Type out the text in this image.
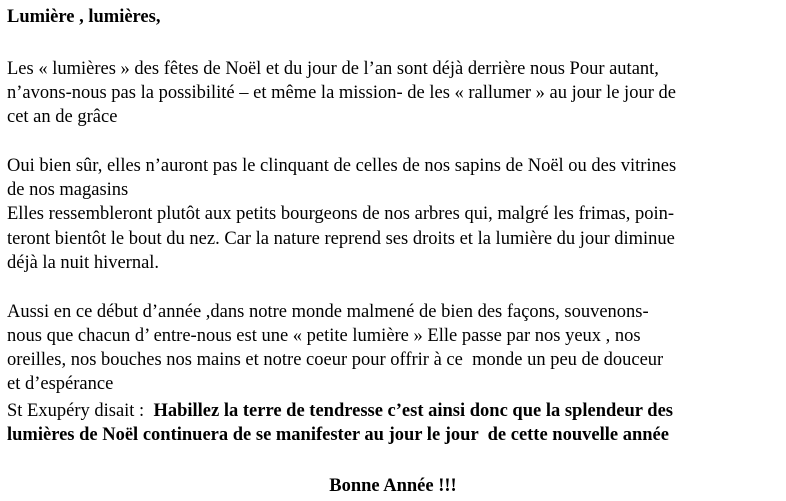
Lumière , lumières,
Les « lumières » des fêtes de Noël et du jour de l’an sont déjà derrière nous Pour autant,
n’avons-nous pas la possibilité – et même la mission- de les « rallumer » au jour le jour de
cet an de grâce
Oui bien sûr, elles n’auront pas le clinquant de celles de nos sapins de Noël ou des vitrines
de nos magasins
Elles ressembleront plutôt aux petits bourgeons de nos arbres qui, malgré les frimas, poin-
teront bientôt le bout du nez. Car la nature reprend ses droits et la lumière du jour diminue
déjà la nuit hivernal.
Aussi en ce début d’année ,dans notre monde malmené de bien des façons, souvenons-
nous que chacun d’ entre-nous est une « petite lumière » Elle passe par nos yeux , nos
oreilles, nos bouches nos mains et notre coeur pour offrir à ce  monde un peu de douceur
et d’espérance
St Exupéry disait :  Habillez la terre de tendresse c’est ainsi donc que la splendeur des
lumières de Noël continuera de se manifester au jour le jour  de cette nouvelle année
Bonne Année !!!
